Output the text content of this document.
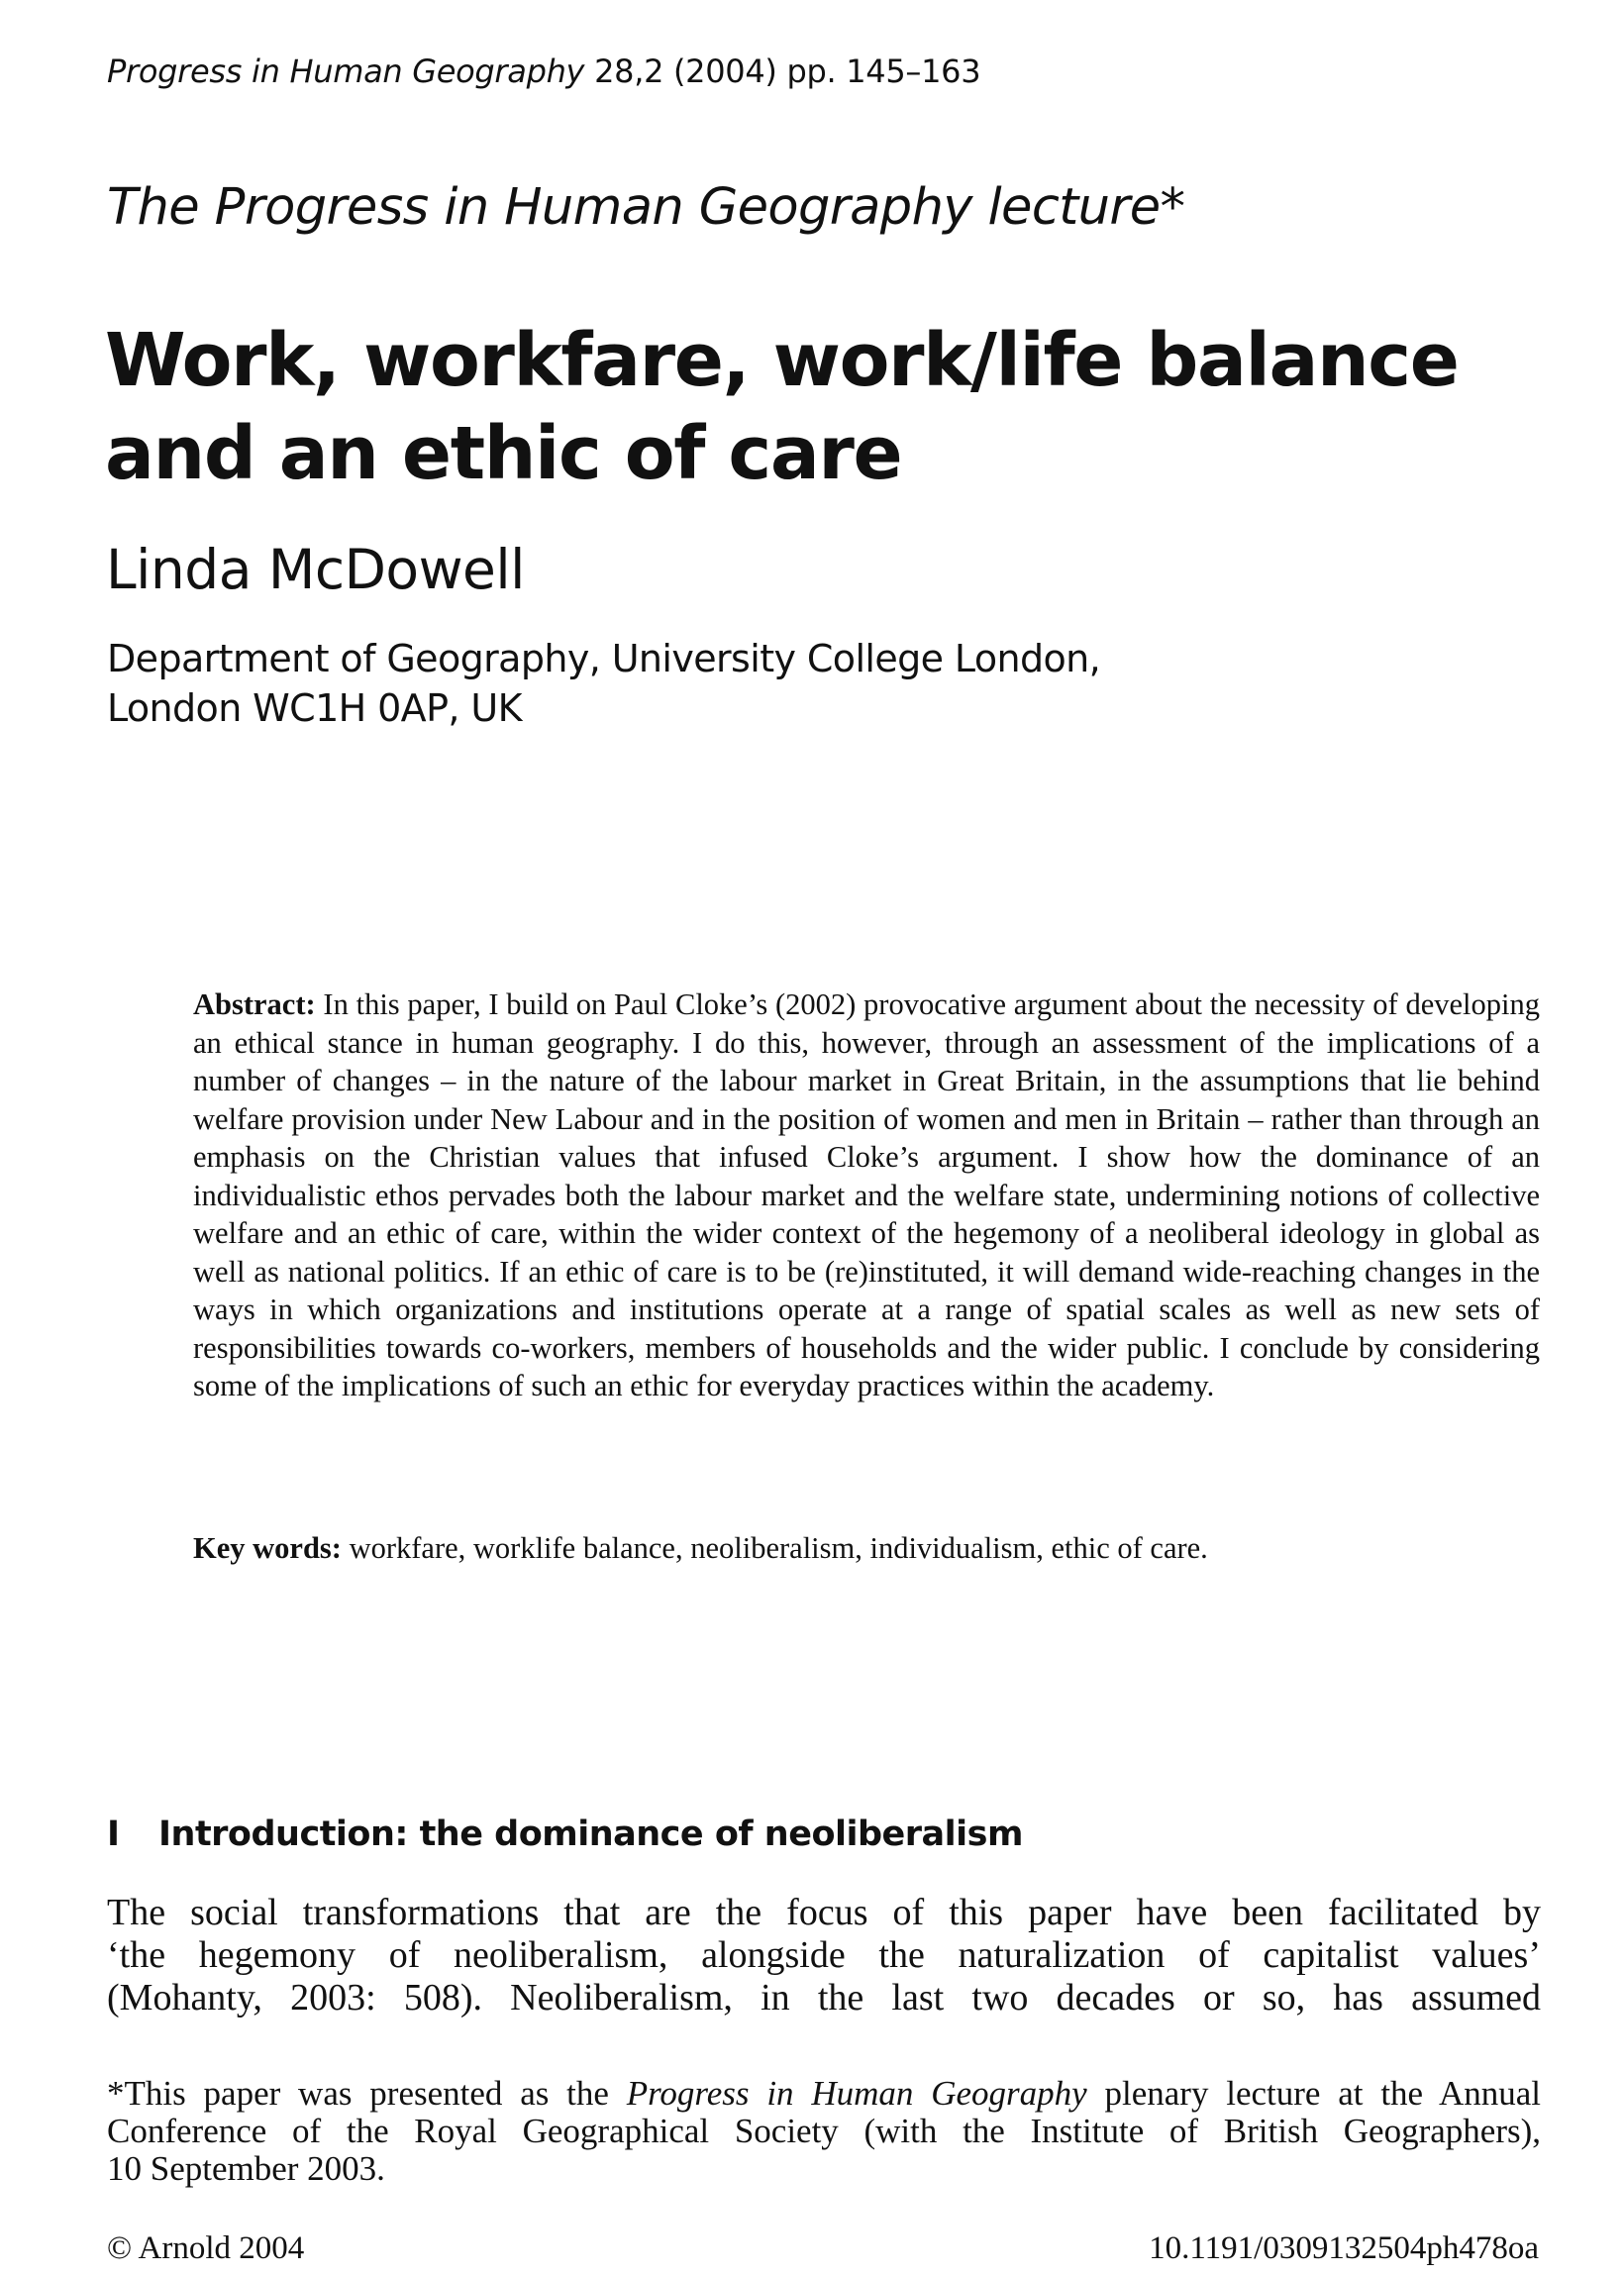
Progress in Human Geography 28,2 (2004) pp. 145–163
The Progress in Human Geography lecture*
Work, workfare, work/life balance
and an ethic of care
Linda McDowell
Department of Geography, University College London,
London WC1H 0AP, UK

Abstract: In this paper, I build on Paul Cloke’s (2002) provocative argument about the necessity of developing an ethical stance in human geography. I do this, however, through an assessment of the implications of a number of changes – in the nature of the labour market in Great Britain, in the assumptions that lie behind welfare provision under New Labour and in the position of women and men in Britain – rather than through an emphasis on the Christian values that infused Cloke’s argument. I show how the dominance of an individualistic ethos pervades both the labour market and the welfare state, undermining notions of collective welfare and an ethic of care, within the wider context of the hegemony of a neoliberal ideology in global as well as national politics. If an ethic of care is to be (re)instituted, it will demand wide-reaching changes in the ways in which organizations and institutions operate at a range of spatial scales as well as new sets of responsibilities towards co-workers, members of households and the wider public. I conclude by considering some of the implications of such an ethic for everyday practices within the academy.

Key words: workfare, worklife balance, neoliberalism, individualism, ethic of care.
I Introduction: the dominance of neoliberalism

The social transformations that are the focus of this paper have been facilitated by
‘the hegemony of neoliberalism, alongside the naturalization of capitalist values’
(Mohanty, 2003: 508). Neoliberalism, in the last two decades or so, has assumed

*This paper was presented as the Progress in Human Geography plenary lecture at the Annual
Conference of the Royal Geographical Society (with the Institute of British Geographers),
10 September 2003.

© Arnold 2004	10.1191/0309132504ph478oa
